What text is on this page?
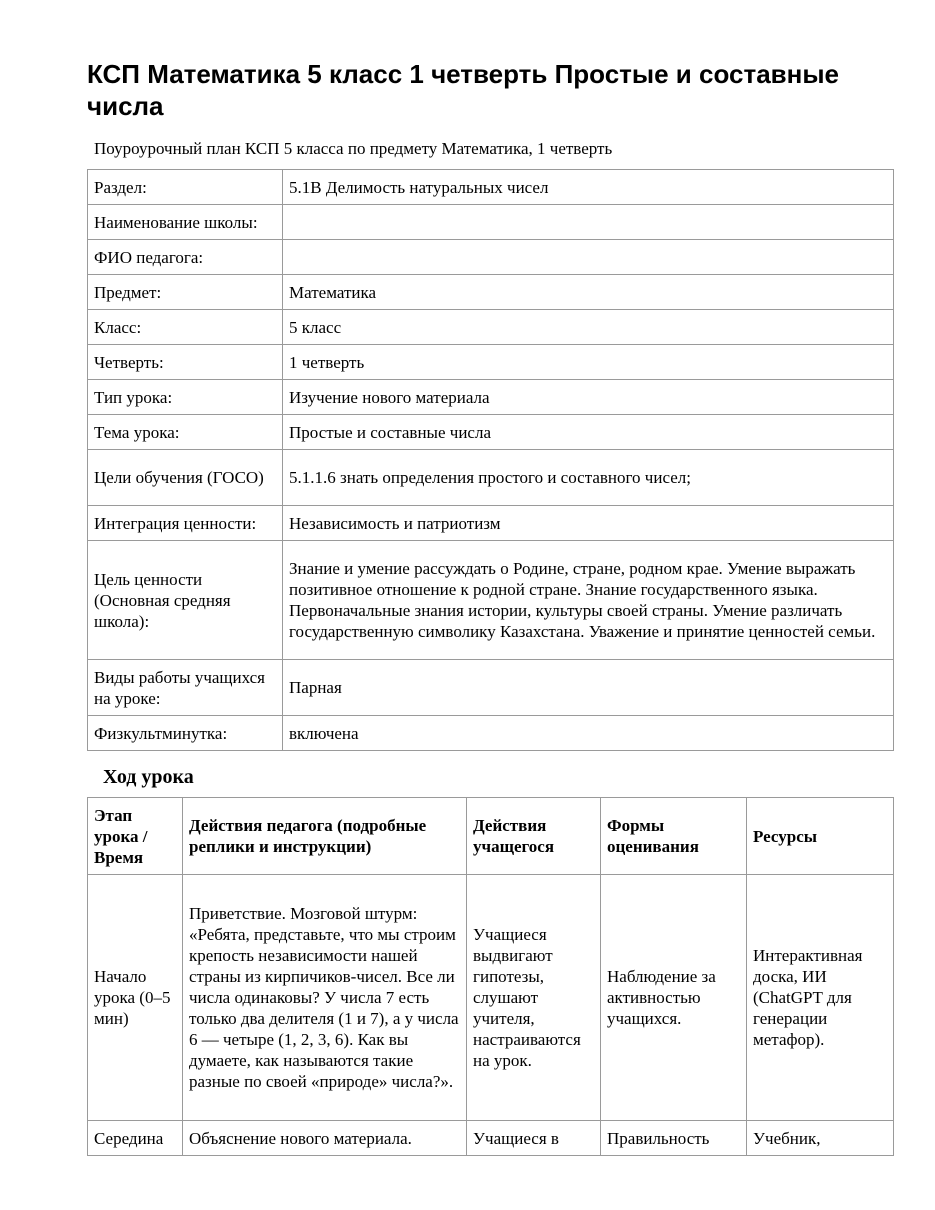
КСП Математика 5 класс 1 четверть Простые и составные числа
Поуроурочный план КСП 5 класса по предмету Математика, 1 четверть
Раздел:	5.1В Делимость натуральных чисел
Наименование школы:	
ФИО педагога:	
Предмет:	Математика
Класс:	5 класс
Четверть:	1 четверть
Тип урока:	Изучение нового материала
Тема урока:	Простые и составные числа
Цели обучения (ГОСО)	5.1.1.6 знать определения простого и составного чисел;
Интеграция ценности:	Независимость и патриотизм
Цель ценности (Основная средняя школа):	Знание и умение рассуждать о Родине, стране, родном крае. Умение выражать позитивное отношение к родной стране. Знание государственного языка. Первоначальные знания истории, культуры своей страны. Умение различать государственную символику Казахстана. Уважение и принятие ценностей семьи.
Виды работы учащихся на уроке:	Парная
Физкультминутка:	включена
Ход урока
Этап урока / Время	Действия педагога (подробные реплики и инструкции)	Действия учащегося	Формы оценивания	Ресурсы
Начало урока (0–5 мин)	Приветствие. Мозговой штурм: «Ребята, представьте, что мы строим крепость независимости нашей страны из кирпичиков-чисел. Все ли числа одинаковы? У числа 7 есть только два делителя (1 и 7), а у числа 6 — четыре (1, 2, 3, 6). Как вы думаете, как называются такие разные по своей «природе» числа?».	Учащиеся выдвигают гипотезы, слушают учителя, настраиваются на урок.	Наблюдение за активностью учащихся.	Интерактивная доска, ИИ (ChatGPT для генерации метафор).
Середина	Объяснение нового материала.	Учащиеся в	Правильность	Учебник,
